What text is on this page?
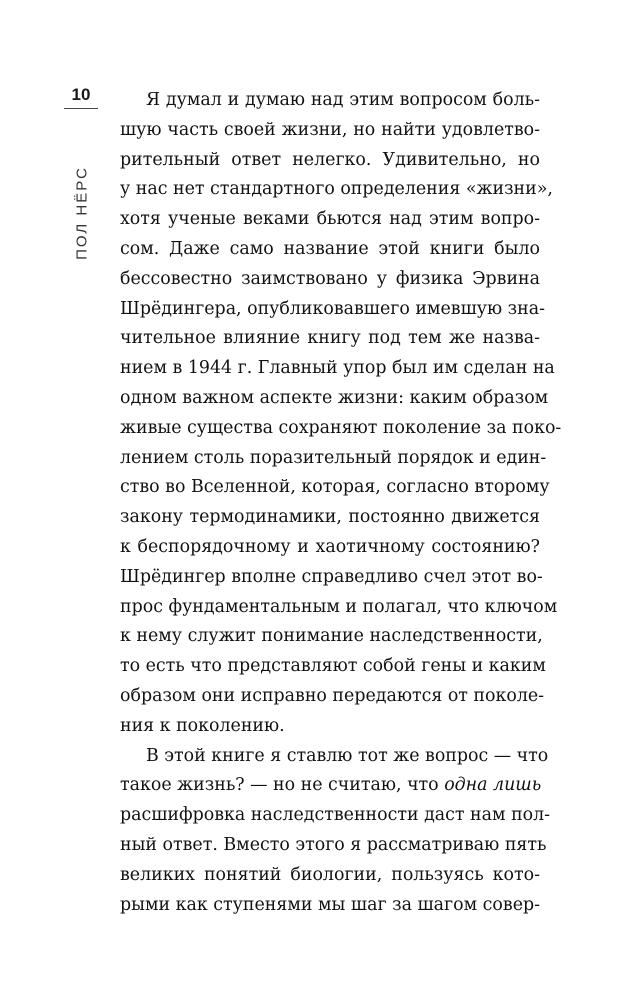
10
ПОЛ НЁРС
Я думал и думаю над этим вопросом боль-
шую часть своей жизни, но найти удовлетво-
рительный ответ нелегко. Удивительно, но
у нас нет стандартного определения «жизни»,
хотя ученые веками бьются над этим вопро-
сом. Даже само название этой книги было
бессовестно заимствовано у физика Эрвина
Шрёдингера, опубликовавшего имевшую зна-
чительное влияние книгу под тем же назва-
нием в 1944 г. Главный упор был им сделан на
одном важном аспекте жизни: каким образом
живые существа сохраняют поколение за поко-
лением столь поразительный порядок и един-
ство во Вселенной, которая, согласно второму
закону термодинамики, постоянно движется
к беспорядочному и хаотичному состоянию?
Шрёдингер вполне справедливо счел этот во-
прос фундаментальным и полагал, что ключом
к нему служит понимание наследственности,
то есть что представляют собой гены и каким
образом они исправно передаются от поколе-
ния к поколению.
В этой книге я ставлю тот же вопрос — что
такое жизнь? — но не считаю, что одна лишь
расшифровка наследственности даст нам пол-
ный ответ. Вместо этого я рассматриваю пять
великих понятий биологии, пользуясь кото-
рыми как ступенями мы шаг за шагом совер-
